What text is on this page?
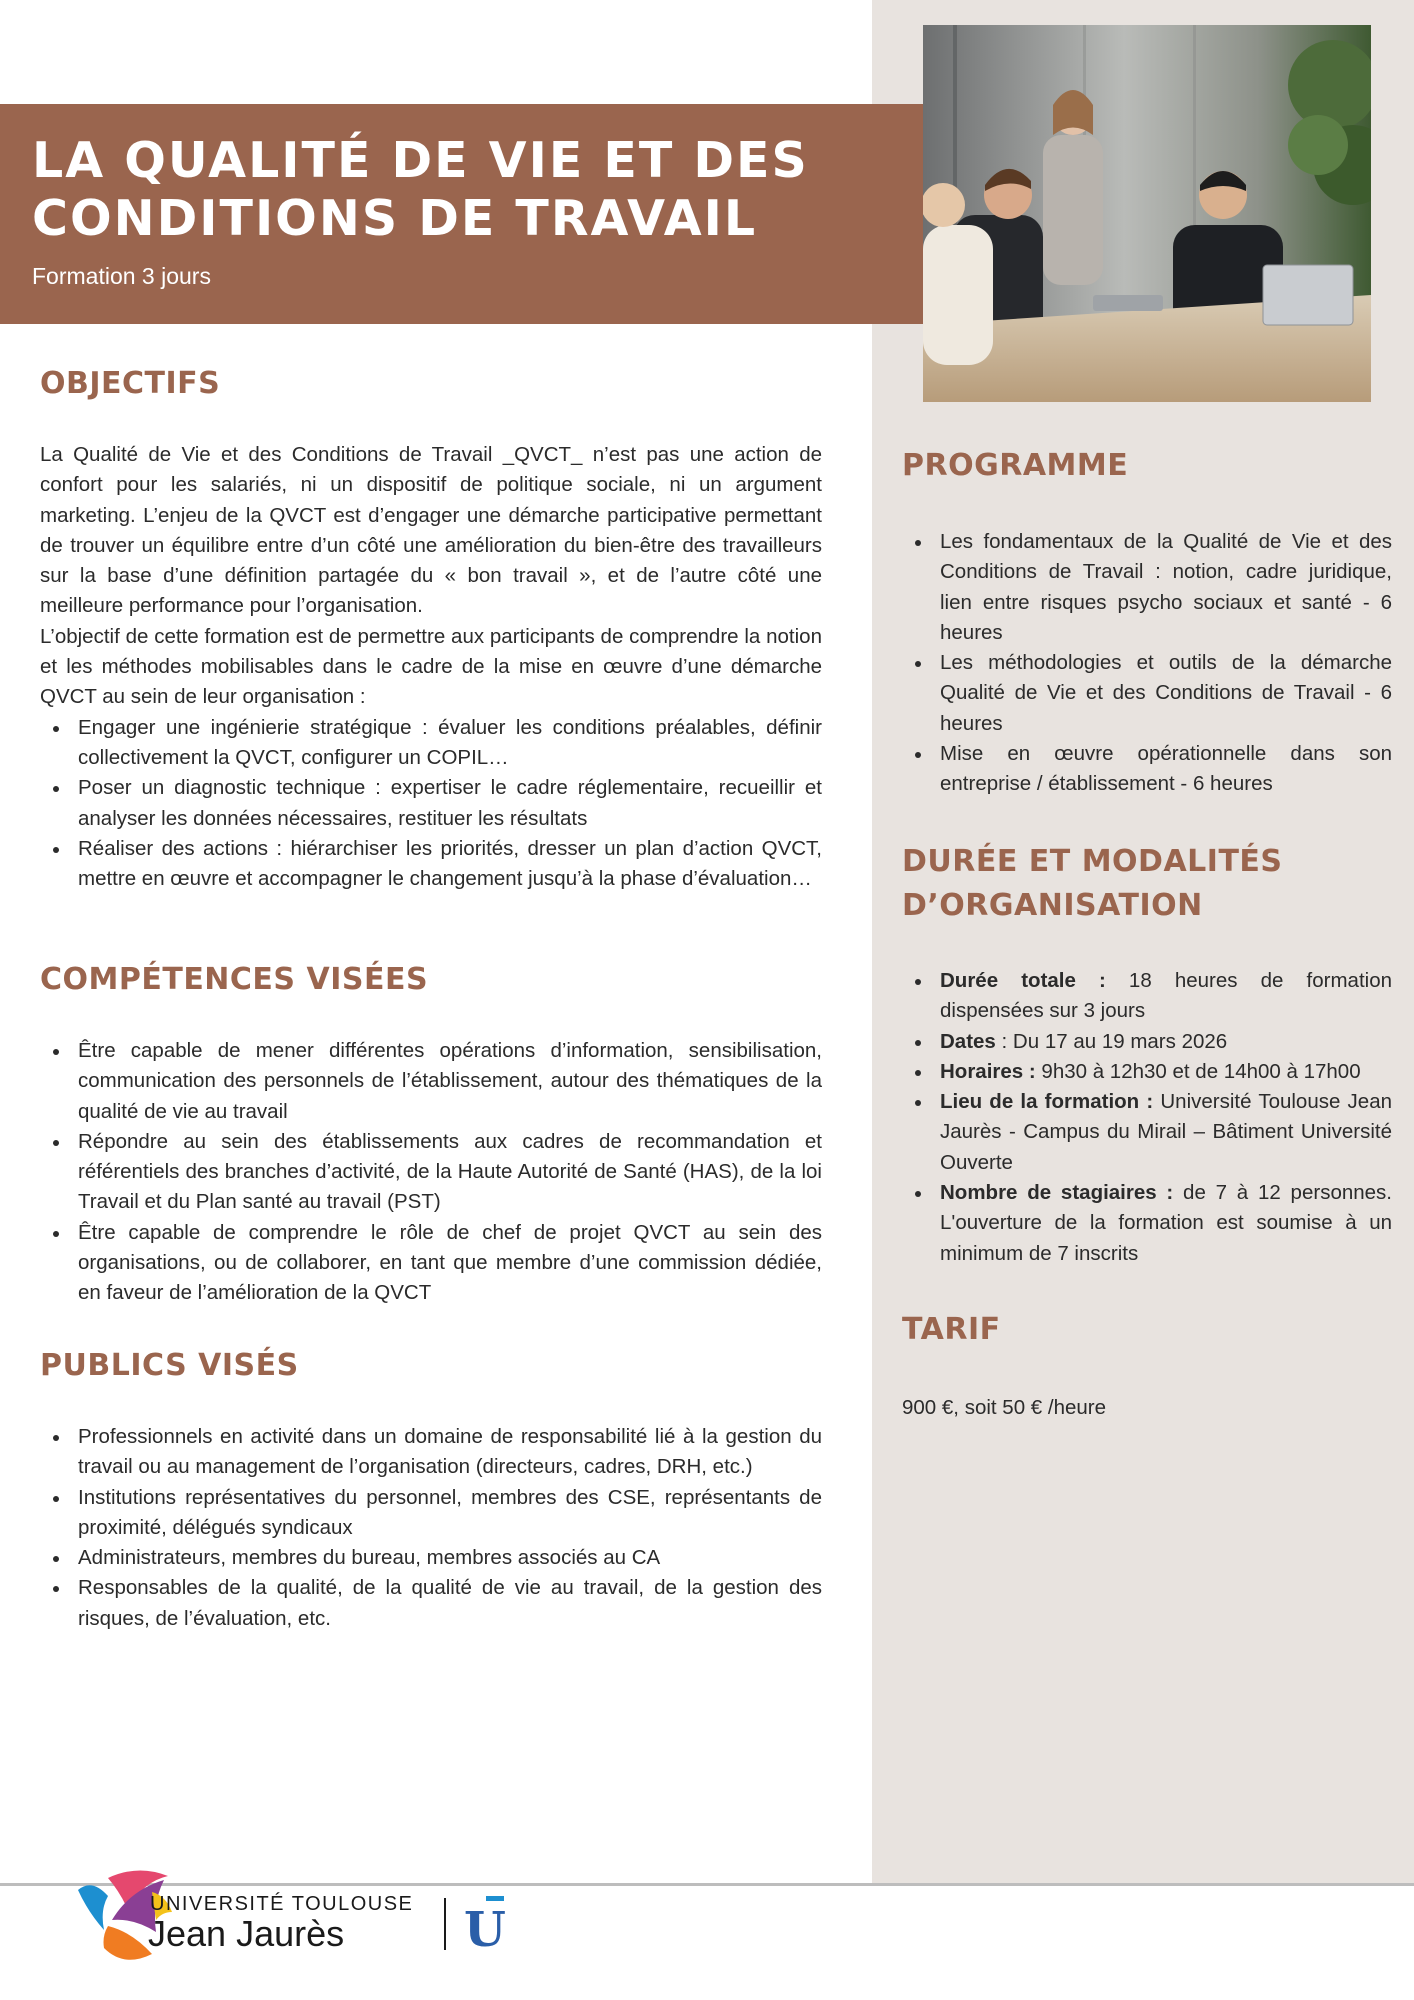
LA QUALITÉ DE VIE ET DES CONDITIONS DE TRAVAIL
Formation 3 jours
OBJECTIFS

La Qualité de Vie et des Conditions de Travail _QVCT_ n’est pas une action de confort pour les salariés, ni un dispositif de politique sociale, ni un argument marketing. L’enjeu de la QVCT est d’engager une démarche participative permettant de trouver un équilibre entre d’un côté une amélioration du bien-être des travailleurs sur la base d’une définition partagée du « bon travail », et de l’autre côté une meilleure performance pour l’organisation.

L’objectif de cette formation est de permettre aux participants de comprendre la notion et les méthodes mobilisables dans le cadre de la mise en œuvre d’une démarche QVCT au sein de leur organisation :

Engager une ingénierie stratégique : évaluer les conditions préalables, définir collectivement la QVCT, configurer un COPIL…
Poser un diagnostic technique : expertiser le cadre réglementaire, recueillir et analyser les données nécessaires, restituer les résultats
Réaliser des actions : hiérarchiser les priorités, dresser un plan d’action QVCT, mettre en œuvre et accompagner le changement jusqu’à la phase d’évaluation…
COMPÉTENCES VISÉES
Être capable de mener différentes opérations d’information, sensibilisation, communication des personnels de l’établissement, autour des thématiques de la qualité de vie au travail
Répondre au sein des établissements aux cadres de recommandation et référentiels des branches d’activité, de la Haute Autorité de Santé (HAS), de la loi Travail et du Plan santé au travail (PST)
Être capable de comprendre le rôle de chef de projet QVCT au sein des organisations, ou de collaborer, en tant que membre d’une commission dédiée, en faveur de l’amélioration de la QVCT
PUBLICS VISÉS
Professionnels en activité dans un domaine de responsabilité lié à la gestion du travail ou au management de l’organisation (directeurs, cadres, DRH, etc.)
Institutions représentatives du personnel, membres des CSE, représentants de proximité, délégués syndicaux
Administrateurs, membres du bureau, membres associés au CA
Responsables de la qualité, de la qualité de vie au travail, de la gestion des risques, de l’évaluation, etc.
PROGRAMME
Les fondamentaux de la Qualité de Vie et des Conditions de Travail : notion, cadre juridique, lien entre risques psycho sociaux et santé - 6 heures
Les méthodologies et outils de la démarche Qualité de Vie et des Conditions de Travail - 6 heures
Mise en œuvre opérationnelle dans son entreprise / établissement - 6 heures
DURÉE ET MODALITÉS
D’ORGANISATION
Durée totale : 18 heures de formation dispensées sur 3 jours
Dates : Du 17 au 19 mars 2026
Horaires : 9h30 à 12h30 et de 14h00 à 17h00
Lieu de la formation : Université Toulouse Jean Jaurès - Campus du Mirail – Bâtiment Université Ouverte
Nombre de stagiaires : de 7 à 12 personnes. L'ouverture de la formation est soumise à un minimum de 7 inscrits
TARIF

900 €, soit 50 € /heure

UNIVERSITÉ TOULOUSE
Jean Jaurès U
